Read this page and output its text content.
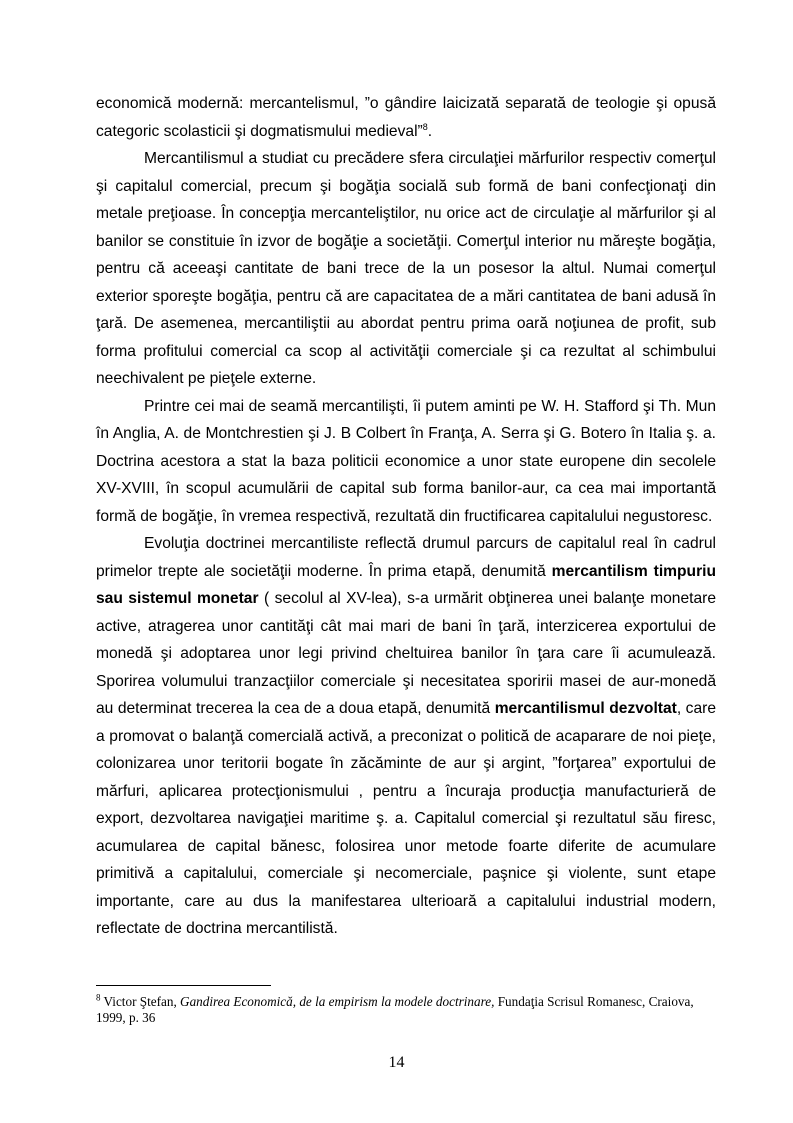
economică modernă: mercantelismul, ”o gândire laicizată separată de teologie şi opusă categoric scolasticii şi dogmatismului medieval”$^8$.

Mercantilismul a studiat cu precădere sfera circulaţiei mărfurilor respectiv comerţul şi capitalul comercial, precum şi bogăţia socială sub formă de bani confecţionaţi din metale preţioase. În concepţia mercanteliştilor, nu orice act de circulaţie al mărfurilor şi al banilor se constituie în izvor de bogăţie a societăţii. Comerţul interior nu măreşte bogăţia, pentru că aceeaşi cantitate de bani trece de la un posesor la altul. Numai comerţul exterior sporeşte bogăţia, pentru că are capacitatea de a mări cantitatea de bani adusă în ţară. De asemenea, mercantiliştii au abordat pentru prima oară noţiunea de profit, sub forma profitului comercial ca scop al activităţii comerciale şi ca rezultat al schimbului neechivalent pe pieţele externe.

Printre cei mai de seamă mercantilişti, îi putem aminti pe W. H. Stafford şi Th. Mun în Anglia, A. de Montchrestien şi J. B Colbert în Franţa, A. Serra şi G. Botero în Italia ş. a. Doctrina acestora a stat la baza politicii economice a unor state europene din secolele XV-XVIII, în scopul acumulării de capital sub forma banilor-aur, ca cea mai importantă formă de bogăţie, în vremea respectivă, rezultată din fructificarea capitalului negustoresc.

Evoluţia doctrinei mercantiliste reflectă drumul parcurs de capitalul real în cadrul primelor trepte ale societăţii moderne. În prima etapă, denumită mercantilism timpuriu sau sistemul monetar ( secolul al XV-lea), s-a urmărit obţinerea unei balanţe monetare active, atragerea unor cantităţi cât mai mari de bani în ţară, interzicerea exportului de monedă şi adoptarea unor legi privind cheltuirea banilor în ţara care îi acumulează. Sporirea volumului tranzacţiilor comerciale şi necesitatea sporirii masei de aur-monedă au determinat trecerea la cea de a doua etapă, denumită mercantilismul dezvoltat, care a promovat o balanţă comercială activă, a preconizat o politică de acaparare de noi pieţe, colonizarea unor teritorii bogate în zăcăminte de aur şi argint, ”forţarea” exportului de mărfuri, aplicarea protecţionismului , pentru a încuraja producţia manufacturieră de export, dezvoltarea navigaţiei maritime ş. a. Capitalul comercial şi rezultatul său firesc, acumularea de capital bănesc, folosirea unor metode foarte diferite de acumulare primitivă a capitalului, comerciale şi necomerciale, paşnice şi violente, sunt etape importante, care au dus la manifestarea ulterioară a capitalului industrial modern, reflectate de doctrina mercantilistă.

$^8$ Victor Ştefan, Gandirea Economică, de la empirism la modele doctrinare, Fundaţia Scrisul Romanesc, Craiova, 1999, p. 36
14
